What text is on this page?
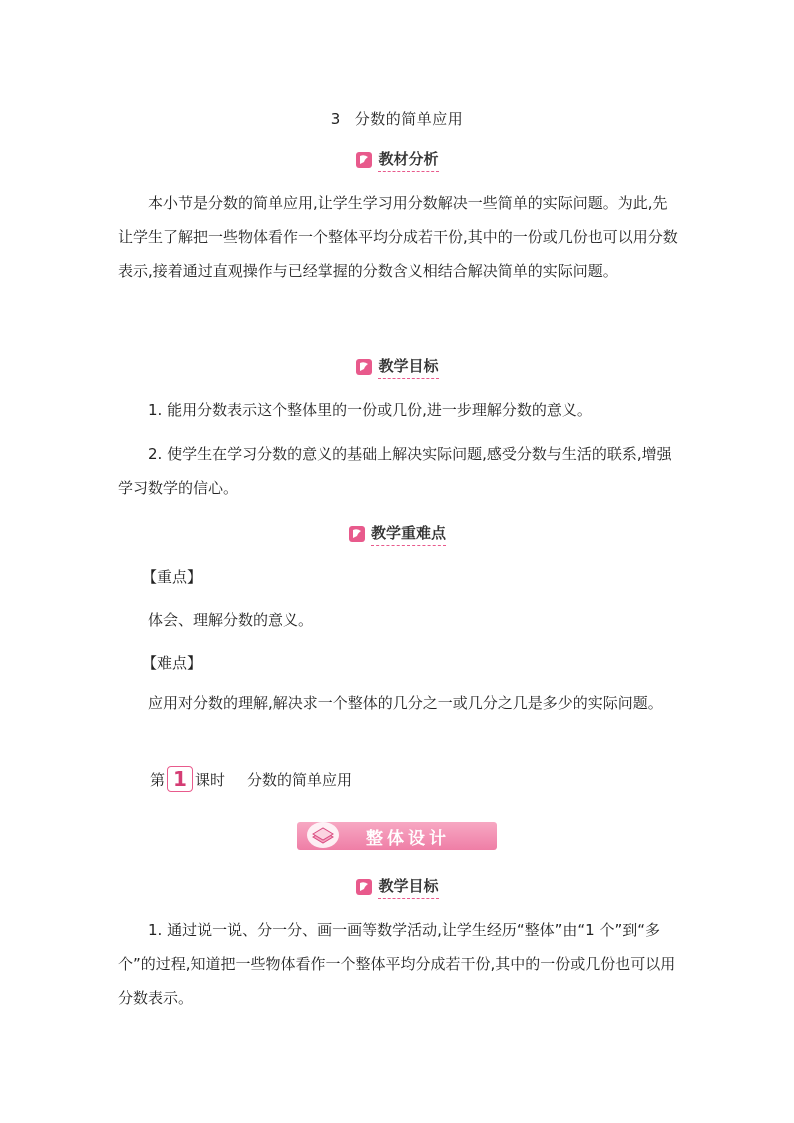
3 分数的简单应用
教材分析

本小节是分数的简单应用,让学生学习用分数解决一些简单的实际问题。为此,先让学生了解把一些物体看作一个整体平均分成若干份,其中的一份或几份也可以用分数表示,接着通过直观操作与已经掌握的分数含义相结合解决简单的实际问题。

教学目标

1. 能用分数表示这个整体里的一份或几份,进一步理解分数的意义。

2. 使学生在学习分数的意义的基础上解决实际问题,感受分数与生活的联系,增强学习数学的信心。

教学重难点

【重点】

体会、理解分数的意义。

【难点】

应用对分数的理解,解决求一个整体的几分之一或几分之几是多少的实际问题。

第 1 课时 分数的简单应用
整体设计
教学目标

1. 通过说一说、分一分、画一画等数学活动,让学生经历“整体”由“1 个”到“多个”的过程,知道把一些物体看作一个整体平均分成若干份,其中的一份或几份也可以用分数表示。
